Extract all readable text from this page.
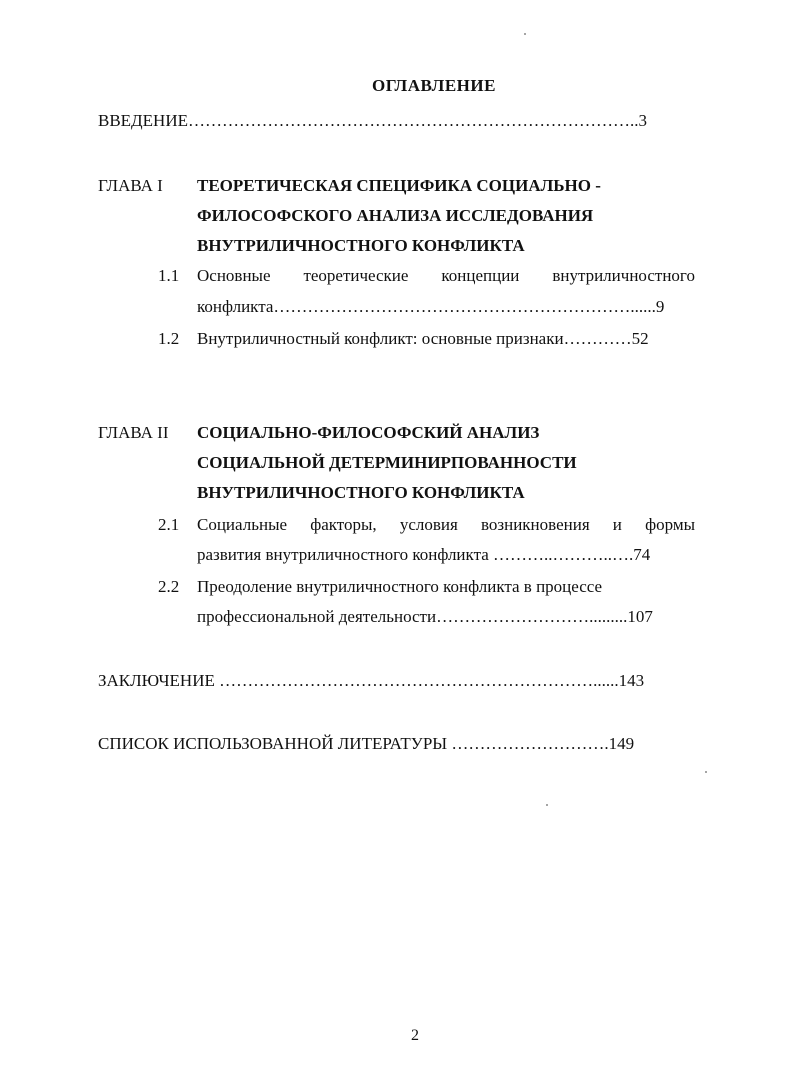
ОГЛАВЛЕНИЕ
ВВЕДЕНИЕ……………………………………………………………………..3
ГЛАВА I ТЕОРЕТИЧЕСКАЯ СПЕЦИФИКА СОЦИАЛЬНО -
ФИЛОСОФСКОГО АНАЛИЗА ИССЛЕДОВАНИЯ
ВНУТРИЛИЧНОСТНОГО КОНФЛИКТА
1.1 Основные теоретические концепции внутриличностного
конфликта………………………………………………………......9
1.2 Внутриличностный конфликт: основные признаки…………52
ГЛАВА II СОЦИАЛЬНО-ФИЛОСОФСКИЙ АНАЛИЗ
СОЦИАЛЬНОЙ ДЕТЕРМИНИРПОВАННОСТИ
ВНУТРИЛИЧНОСТНОГО КОНФЛИКТА
2.1 Социальные факторы, условия возникновения и формы
развития внутриличностного конфликта ………..………..….74
2.2 Преодоление внутриличностного конфликта в процессе
профессиональной деятельности……………………….........107
ЗАКЛЮЧЕНИЕ …………………………………………………………......143
СПИСОК ИСПОЛЬЗОВАННОЙ ЛИТЕРАТУРЫ ……………………….149
2
